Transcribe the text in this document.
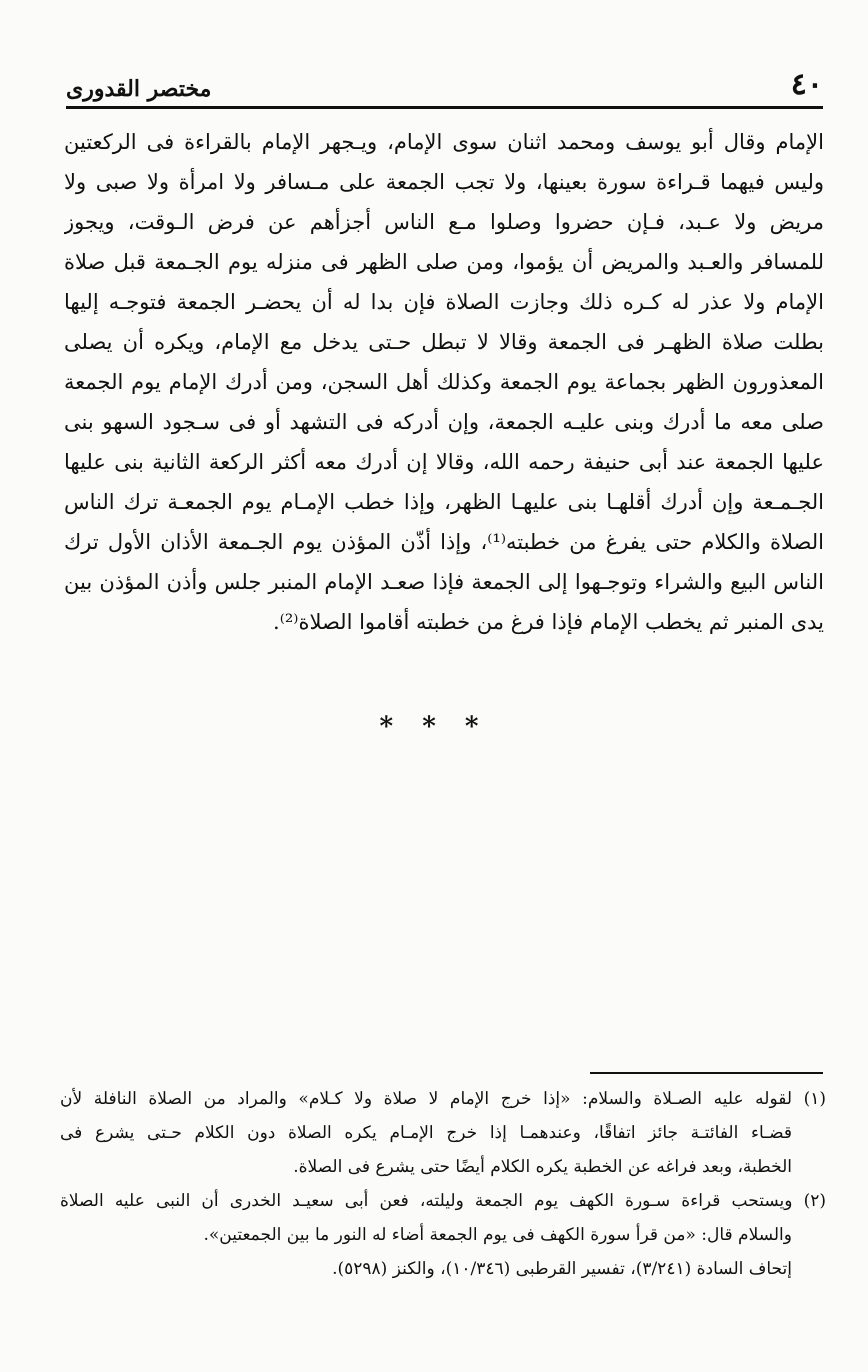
٤٠
مختصر القدورى
الإمام وقال أبو يوسف ومحمد اثنان سوى الإمام، ويـجهر الإمام بالقراءة فى الركعتين
وليس فيهما قـراءة سورة بعينها، ولا تجب الجمعة على مـسافر ولا امرأة ولا صبى ولا
مريض ولا عـبد، فـإن حضروا وصلوا مـع الناس أجزأهم عن فرض الـوقت، ويجوز
للمسافر والعـبد والمريض أن يؤموا، ومن صلى الظهر فى منزله يوم الجـمعة قبل صلاة
الإمام ولا عذر له كـره ذلك وجازت الصلاة فإن بدا له أن يحضـر الجمعة فتوجـه إليها
بطلت صلاة الظهـر فى الجمعة وقالا لا تبطل حـتى يدخل مع الإمام، ويكره أن يصلى
المعذورون الظهر بجماعة يوم الجمعة وكذلك أهل السجن، ومن أدرك الإمام يوم الجمعة
صلى معه ما أدرك وبنى عليـه الجمعة، وإن أدركه فى التشهد أو فى سـجود السهو بنى
عليها الجمعة عند أبى حنيفة رحمه الله، وقالا إن أدرك معه أكثر الركعة الثانية بنى عليها
الجـمـعة وإن أدرك أقلهـا بنى عليهـا الظهر، وإذا خطب الإمـام يوم الجمعـة ترك الناس
الصلاة والكلام حتى يفرغ من خطبته⁽¹⁾، وإذا أذّن المؤذن يوم الجـمعة الأذان الأول ترك
الناس البيع والشراء وتوجـهوا إلى الجمعة فإذا صعـد الإمام المنبر جلس وأذن المؤذن بين
يدى المنبر ثم يخطب الإمام فإذا فرغ من خطبته أقاموا الصلاة⁽²⁾.
* * *
(١) لقوله عليه الصـلاة والسلام: «إذا خرج الإمام لا صلاة ولا كـلام» والمراد من الصلاة النافلة لأن
قضـاء الفائتـة جائز اتفاقًا، وعندهمـا إذا خرج الإمـام يكره الصلاة دون الكلام حـتى يشرع فى
الخطبة، وبعد فراغه عن الخطبة يكره الكلام أيضًا حتى يشرع فى الصلاة.
(٢) ويستحب قراءة سـورة الكهف يوم الجمعة وليلته، فعن أبى سعيـد الخدرى أن النبى عليه الصلاة
والسلام قال: «من قرأ سورة الكهف فى يوم الجمعة أضاء له النور ما بين الجمعتين».
إتحاف السادة (٣/٢٤١)، تفسير القرطبى (١٠/٣٤٦)، والكنز (٥٢٩٨).
